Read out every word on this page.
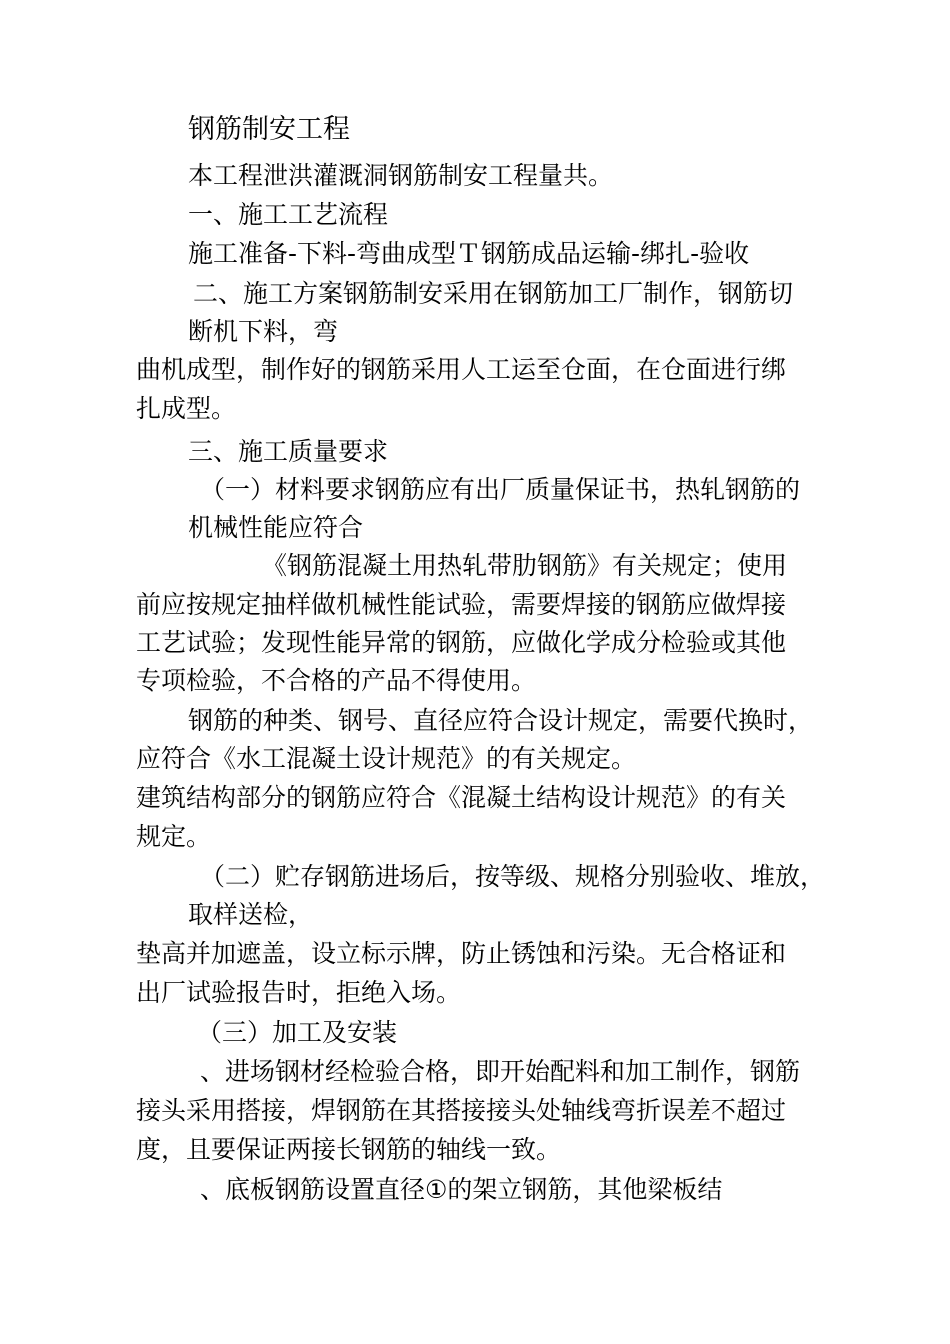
钢筋制安工程
本工程泄洪灌溉洞钢筋制安工程量共。
一、施工工艺流程
施工准备-下料-弯曲成型Ｔ钢筋成品运输-绑扎-验收
二、施工方案钢筋制安采用在钢筋加工厂制作，钢筋切
断机下料，弯
曲机成型，制作好的钢筋采用人工运至仓面，在仓面进行绑
扎成型。
三、施工质量要求
（一）材料要求钢筋应有出厂质量保证书，热轧钢筋的
机械性能应符合
《钢筋混凝土用热轧带肋钢筋》有关规定；使用
前应按规定抽样做机械性能试验，需要焊接的钢筋应做焊接
工艺试验；发现性能异常的钢筋，应做化学成分检验或其他
专项检验，不合格的产品不得使用。
钢筋的种类、钢号、直径应符合设计规定，需要代换时，
应符合《水工混凝土设计规范》的有关规定。
建筑结构部分的钢筋应符合《混凝土结构设计规范》的有关
规定。
（二）贮存钢筋进场后，按等级、规格分别验收、堆放，
取样送检，
垫高并加遮盖，设立标示牌，防止锈蚀和污染。无合格证和
出厂试验报告时，拒绝入场。
（三）加工及安装
、进场钢材经检验合格，即开始配料和加工制作，钢筋
接头采用搭接，焊钢筋在其搭接接头处轴线弯折误差不超过
度，且要保证两接长钢筋的轴线一致。
、底板钢筋设置直径①的架立钢筋，其他梁板结
